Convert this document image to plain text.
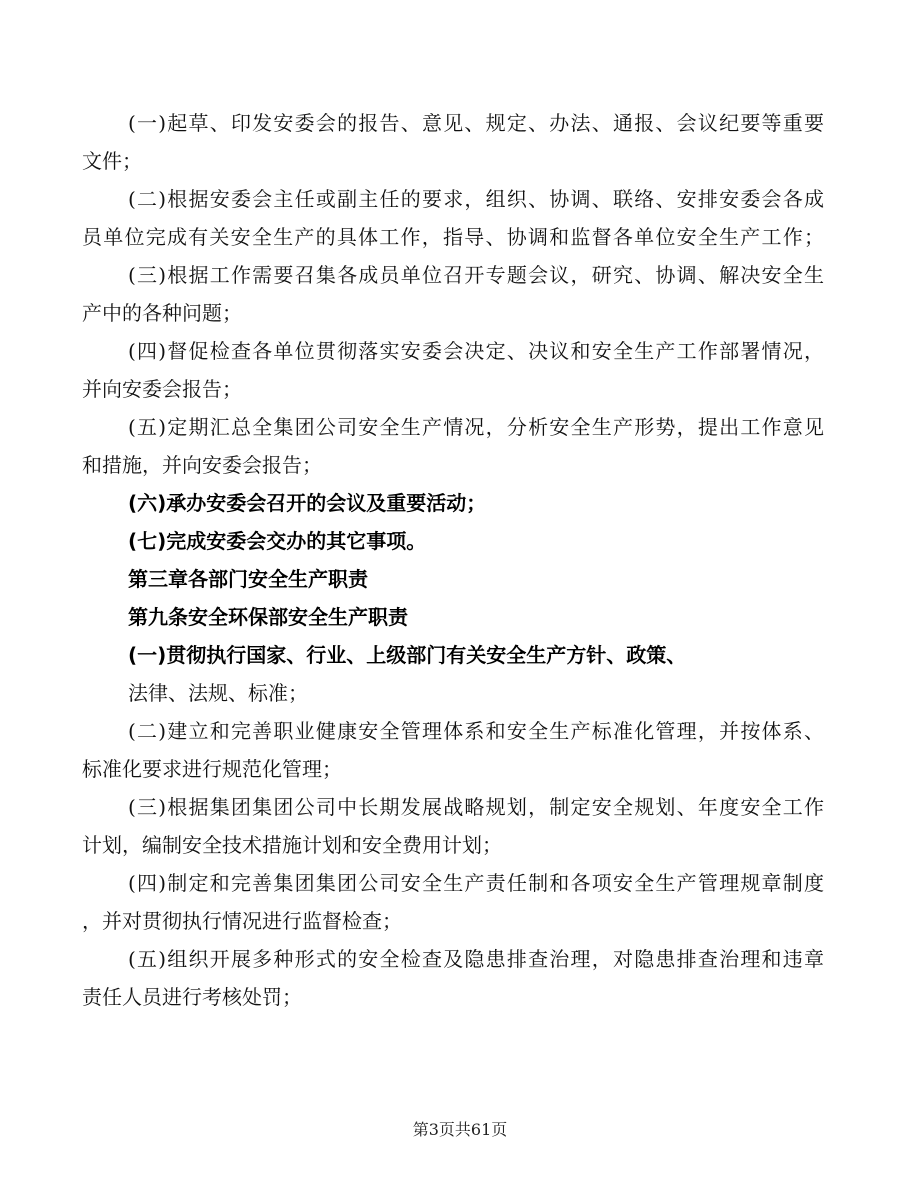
(一)起草、印发安委会的报告、意见、规定、办法、通报、会议纪要等重要
文件；
(二)根据安委会主任或副主任的要求，组织、协调、联络、安排安委会各成
员单位完成有关安全生产的具体工作，指导、协调和监督各单位安全生产工作；
(三)根据工作需要召集各成员单位召开专题会议，研究、协调、解决安全生
产中的各种问题；
(四)督促检查各单位贯彻落实安委会决定、决议和安全生产工作部署情况，
并向安委会报告；
(五)定期汇总全集团公司安全生产情况，分析安全生产形势，提出工作意见
和措施，并向安委会报告；
(六)承办安委会召开的会议及重要活动；
(七)完成安委会交办的其它事项。
第三章各部门安全生产职责
第九条安全环保部安全生产职责
(一)贯彻执行国家、行业、上级部门有关安全生产方针、政策、
法律、法规、标准；
(二)建立和完善职业健康安全管理体系和安全生产标准化管理，并按体系、
标准化要求进行规范化管理；
(三)根据集团集团公司中长期发展战略规划，制定安全规划、年度安全工作
计划，编制安全技术措施计划和安全费用计划；
(四)制定和完善集团集团公司安全生产责任制和各项安全生产管理规章制度
，并对贯彻执行情况进行监督检查；
(五)组织开展多种形式的安全检查及隐患排查治理，对隐患排查治理和违章
责任人员进行考核处罚；
第3页共61页
